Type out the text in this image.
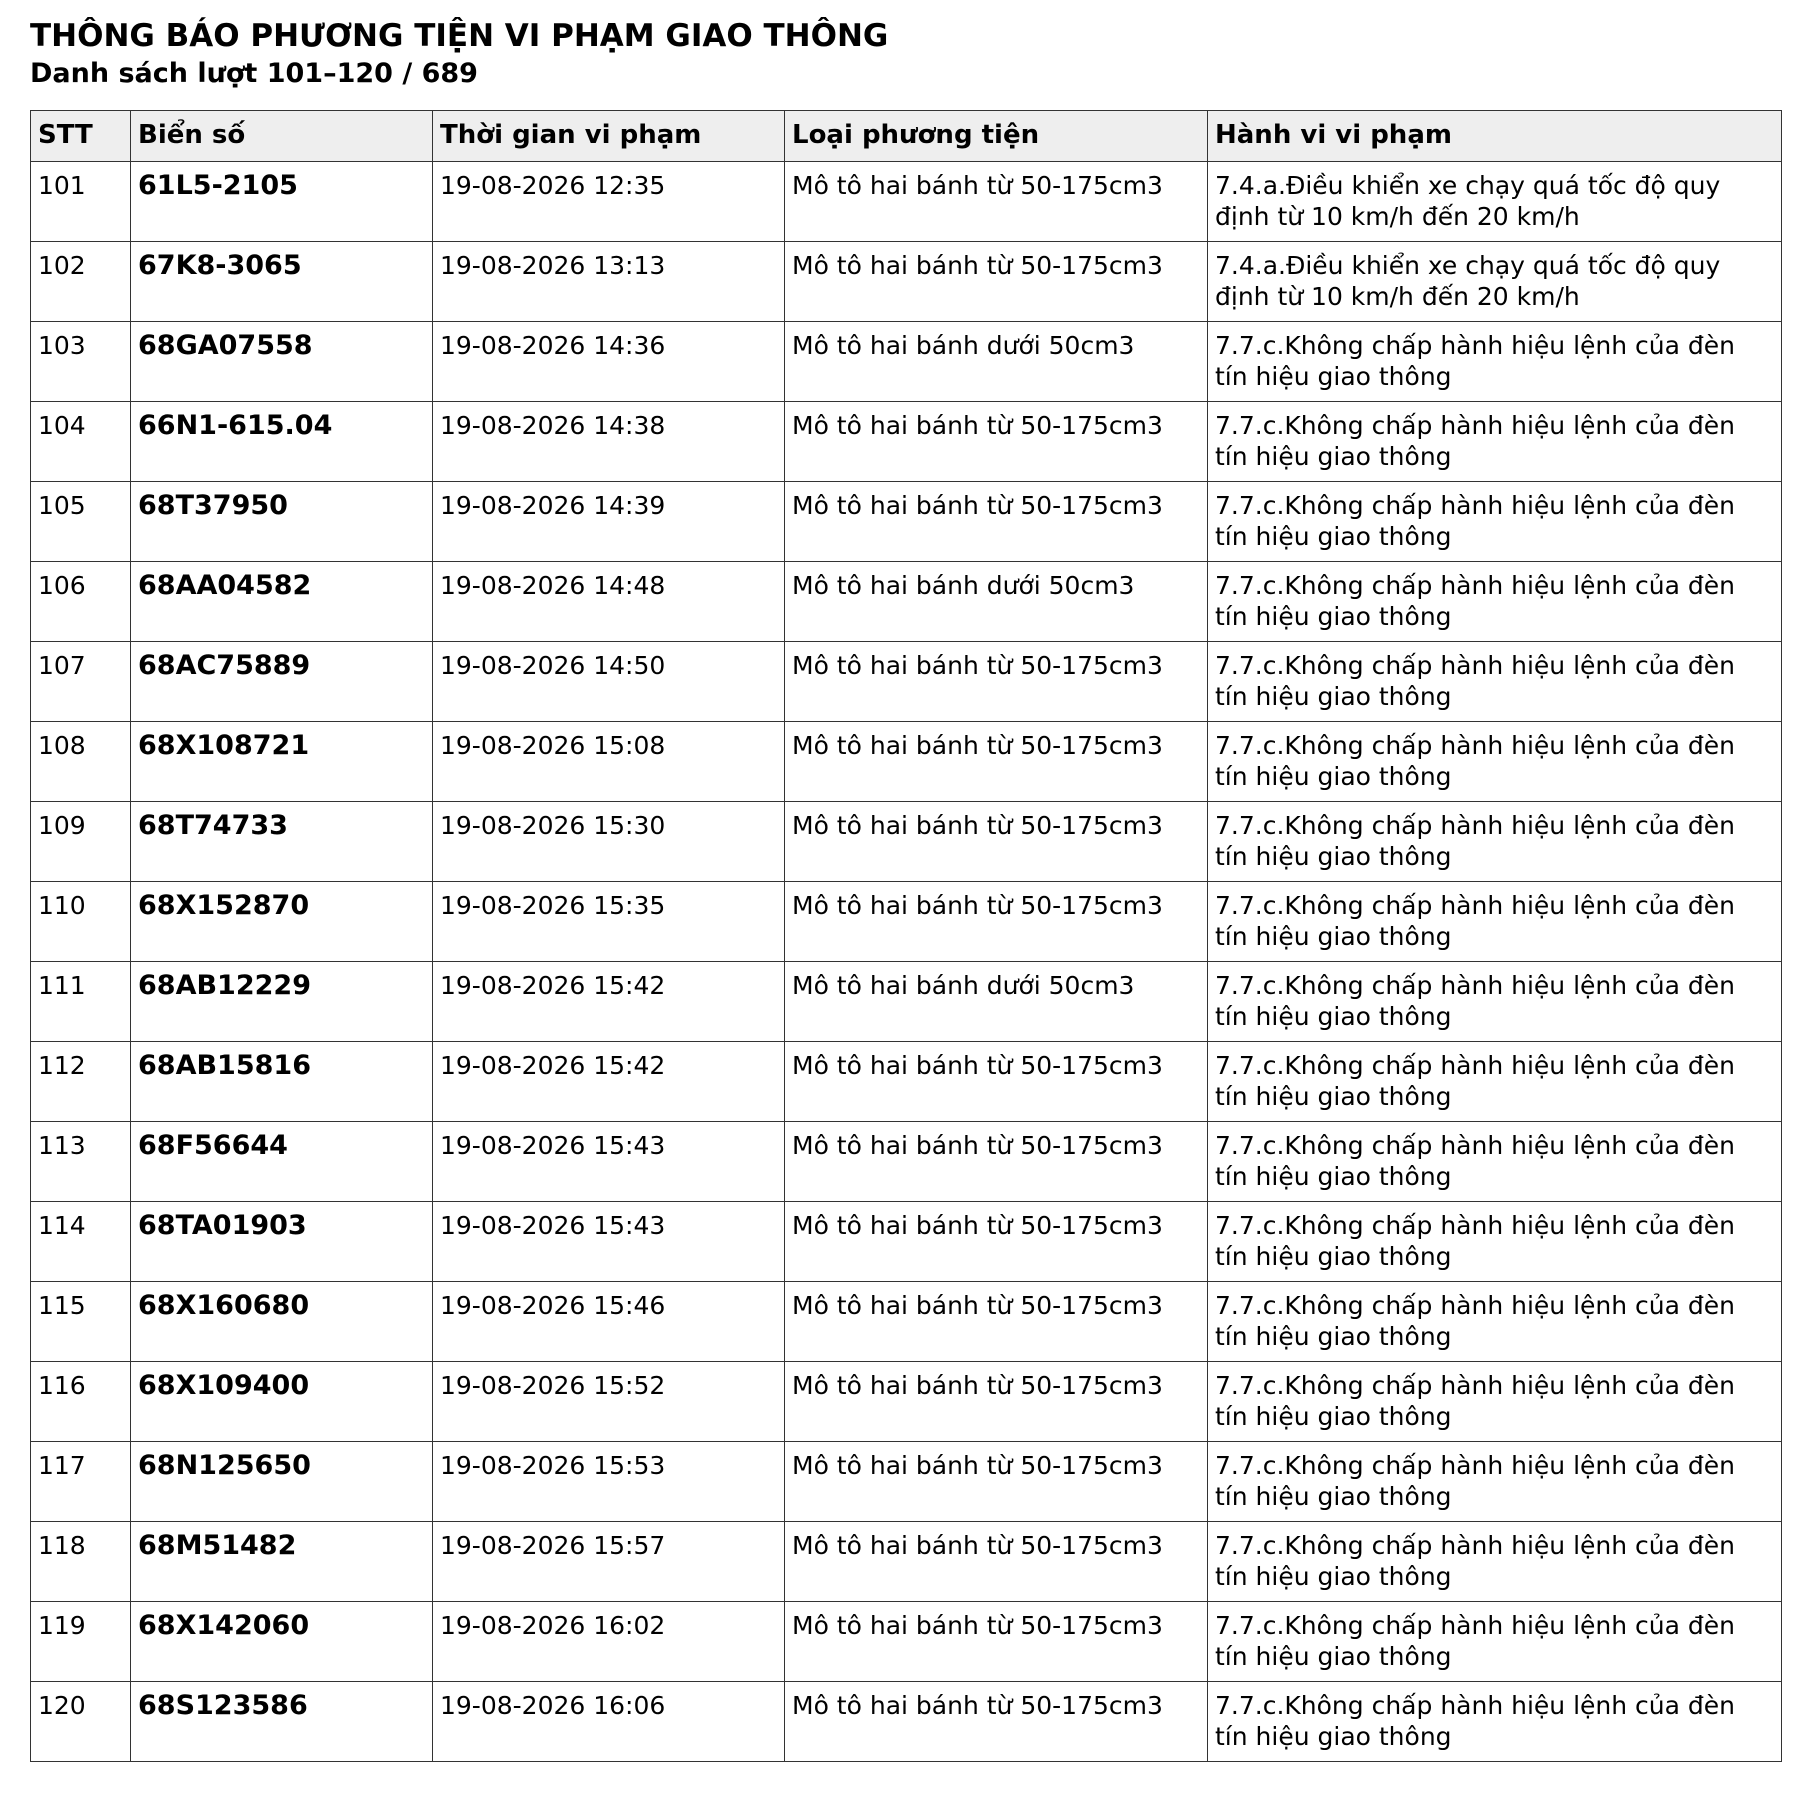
THÔNG BÁO PHƯƠNG TIỆN VI PHẠM GIAO THÔNG
Danh sách lượt 101–120 / 689
STT	Biển số	Thời gian vi phạm	Loại phương tiện	Hành vi vi phạm
101	61L5-2105	19-08-2026 12:35	Mô tô hai bánh từ 50-175cm3	7.4.a.Điều khiển xe chạy quá tốc độ quy định từ 10 km/h đến 20 km/h
102	67K8-3065	19-08-2026 13:13	Mô tô hai bánh từ 50-175cm3	7.4.a.Điều khiển xe chạy quá tốc độ quy định từ 10 km/h đến 20 km/h
103	68GA07558	19-08-2026 14:36	Mô tô hai bánh dưới 50cm3	7.7.c.Không chấp hành hiệu lệnh của đèn tín hiệu giao thông
104	66N1-615.04	19-08-2026 14:38	Mô tô hai bánh từ 50-175cm3	7.7.c.Không chấp hành hiệu lệnh của đèn tín hiệu giao thông
105	68T37950	19-08-2026 14:39	Mô tô hai bánh từ 50-175cm3	7.7.c.Không chấp hành hiệu lệnh của đèn tín hiệu giao thông
106	68AA04582	19-08-2026 14:48	Mô tô hai bánh dưới 50cm3	7.7.c.Không chấp hành hiệu lệnh của đèn tín hiệu giao thông
107	68AC75889	19-08-2026 14:50	Mô tô hai bánh từ 50-175cm3	7.7.c.Không chấp hành hiệu lệnh của đèn tín hiệu giao thông
108	68X108721	19-08-2026 15:08	Mô tô hai bánh từ 50-175cm3	7.7.c.Không chấp hành hiệu lệnh của đèn tín hiệu giao thông
109	68T74733	19-08-2026 15:30	Mô tô hai bánh từ 50-175cm3	7.7.c.Không chấp hành hiệu lệnh của đèn tín hiệu giao thông
110	68X152870	19-08-2026 15:35	Mô tô hai bánh từ 50-175cm3	7.7.c.Không chấp hành hiệu lệnh của đèn tín hiệu giao thông
111	68AB12229	19-08-2026 15:42	Mô tô hai bánh dưới 50cm3	7.7.c.Không chấp hành hiệu lệnh của đèn tín hiệu giao thông
112	68AB15816	19-08-2026 15:42	Mô tô hai bánh từ 50-175cm3	7.7.c.Không chấp hành hiệu lệnh của đèn tín hiệu giao thông
113	68F56644	19-08-2026 15:43	Mô tô hai bánh từ 50-175cm3	7.7.c.Không chấp hành hiệu lệnh của đèn tín hiệu giao thông
114	68TA01903	19-08-2026 15:43	Mô tô hai bánh từ 50-175cm3	7.7.c.Không chấp hành hiệu lệnh của đèn tín hiệu giao thông
115	68X160680	19-08-2026 15:46	Mô tô hai bánh từ 50-175cm3	7.7.c.Không chấp hành hiệu lệnh của đèn tín hiệu giao thông
116	68X109400	19-08-2026 15:52	Mô tô hai bánh từ 50-175cm3	7.7.c.Không chấp hành hiệu lệnh của đèn tín hiệu giao thông
117	68N125650	19-08-2026 15:53	Mô tô hai bánh từ 50-175cm3	7.7.c.Không chấp hành hiệu lệnh của đèn tín hiệu giao thông
118	68M51482	19-08-2026 15:57	Mô tô hai bánh từ 50-175cm3	7.7.c.Không chấp hành hiệu lệnh của đèn tín hiệu giao thông
119	68X142060	19-08-2026 16:02	Mô tô hai bánh từ 50-175cm3	7.7.c.Không chấp hành hiệu lệnh của đèn tín hiệu giao thông
120	68S123586	19-08-2026 16:06	Mô tô hai bánh từ 50-175cm3	7.7.c.Không chấp hành hiệu lệnh của đèn tín hiệu giao thông
